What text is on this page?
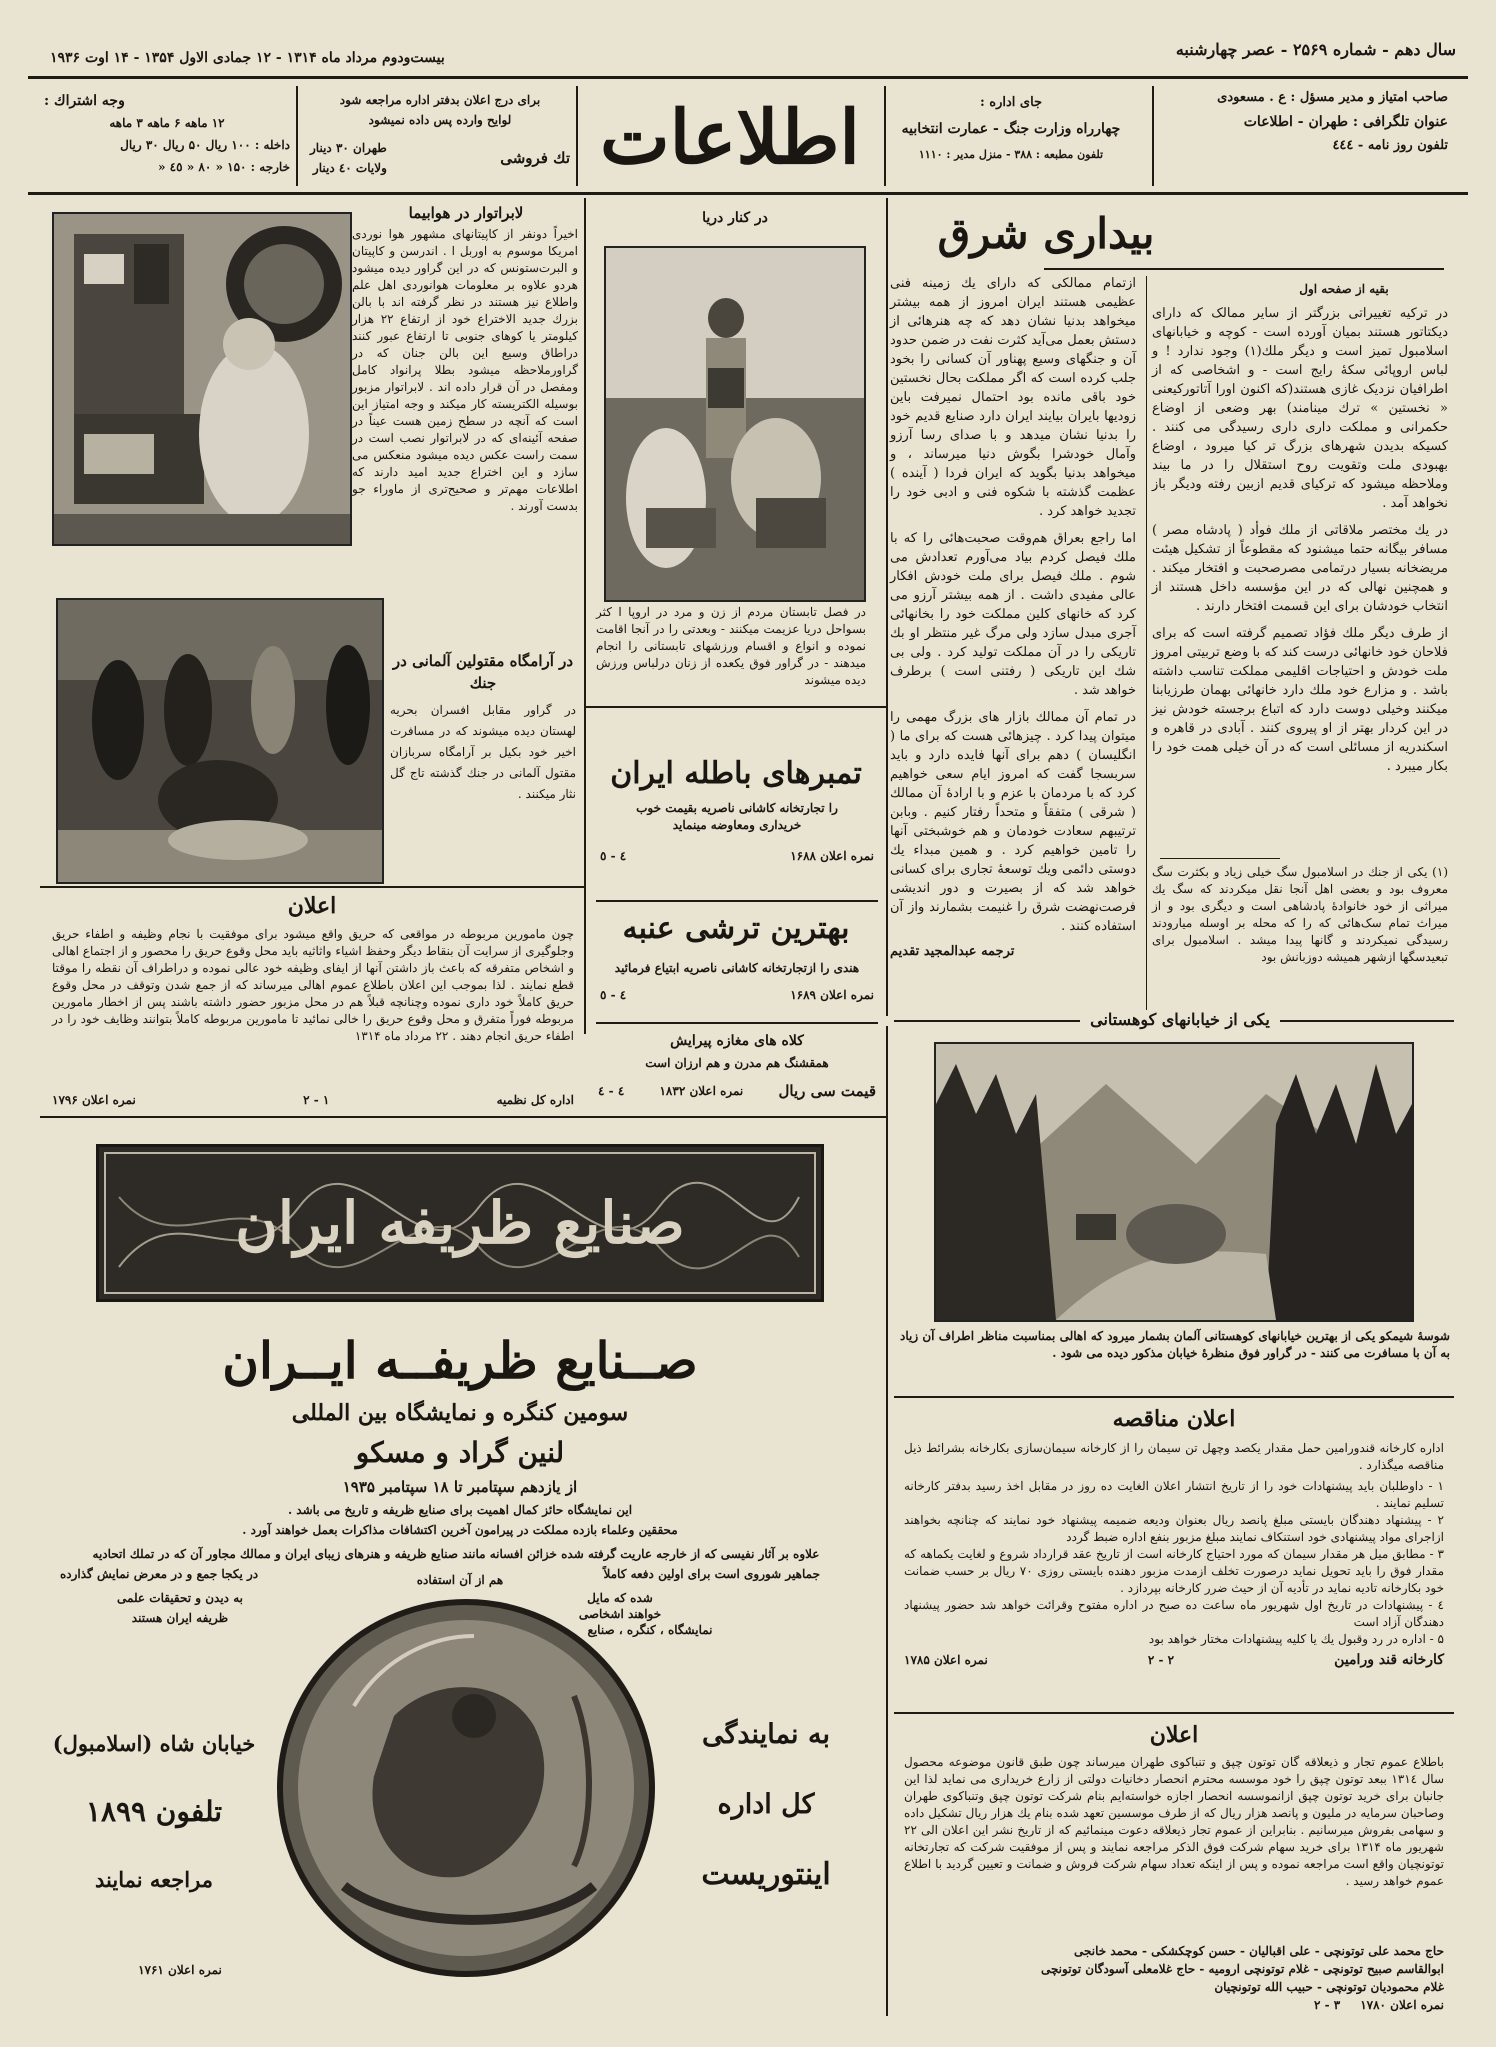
سال دهم - شماره ۲۵۶۹ - عصر چهارشنبه
بیست‌ودوم مرداد ماه ۱۳۱۴ - ۱۲ جمادی الاول ۱۳۵۴ - ۱۴ اوت ۱۹۳۶
صاحب امتیاز و مدیر مسؤل : ع . مسعودی
عنوان تلگرافی : طهران - اطلاعات
تلفون روز نامه - ٤٤٤
جای اداره :
چهارراه وزارت جنگ - عمارت انتخابیه
تلفون مطبعه : ۳۸۸ - منزل مدیر : ۱۱۱۰
اطلاعات
برای درج اعلان بدفتر اداره مراجعه شود
لوایح وارده پس داده نمیشود
تك فروشی
طهران ۳۰ دینار
ولایات ٤٠ دینار
وجه اشتراك :
۱۲ ماهه ۶ ماهه ۳ ماهه
داخله : ۱۰۰ ریال ۵۰ ریال ۳۰ ریال
خارجه : ۱۵۰ « ۸۰ « ٤٥ «
بیداری شرق
بقیه از صفحه اول

در ترکیه تغییراتی بزرگتر از سایر ممالک که دارای دیکتاتور هستند بمیان آورده است - کوچه و خیابانهای اسلامبول تمیز است و دیگر ملك(۱) وجود ندارد ! و لباس اروپائی سکهٔ رایج است - و اشخاصی که از اطرافیان نزدیک غازی هستند(که اکنون اورا آتاتورکیعنی « نخستین » ترك مینامند) بهر وضعی از اوضاع حکمرانی و مملکت داری داری رسیدگی می کنند . کسیکه بدیدن شهرهای بزرگ تر کیا میرود ، اوضاع بهبودی ملت وتقویت روح استقلال را در ما بیند وملاحظه میشود که ترکیای قدیم ازبین رفته ودیگر باز نخواهد آمد .

در یك مختصر ملاقاتی از ملك فوأد ( پادشاه مصر ) مسافر بیگانه حتما میشنود که مقطوعاً از تشکیل هیئت مریضخانه بسیار درتمامی مصرصحبت و افتخار میکند . و همچنین نهالی که در این مؤسسه داخل هستند از انتخاب خودشان برای این قسمت افتخار دارند .

از طرف دیگر ملك فؤاد تصمیم گرفته است که برای فلاحان خود خانهائی درست کند که با وضع تربیتی امروز ملت خودش و احتیاجات اقلیمی مملکت تناسب داشته باشد . و مزارع خود ملك دارد خانهائی بهمان طرزیابنا میکنند وخیلی دوست دارد که اتباع برجسته خودش نیز در این کردار بهتر از او پیروی کنند . آبادی در قاهره و اسکندریه از مسائلی است که در آن خیلی همت خود را بکار میبرد .

ازتمام ممالکی که دارای یك زمینه فنی عظیمی هستند ایران امروز از همه بیشتر میخواهد بدنیا نشان دهد که چه هنرهائی از دستش بعمل می‌آید کثرت نفت در ضمن حدود آن و جنگهای وسیع پهناور آن کسانی را بخود جلب کرده است که اگر مملکت بحال نخستین خود باقی مانده بود احتمال نمیرفت باین زودیها بایران بیایند ایران دارد صنایع قدیم خود را بدنیا نشان میدهد و با صدای رسا آرزو وآمال خودشرا بگوش دنیا میرساند ، و میخواهد بدنیا بگوید که ایران فردا ( آینده ) عظمت گذشته با شکوه فنی و ادبی خود را تجدید خواهد کرد .

اما راجع بعراق هم‌وقت صحبت‌هائی را که با ملك فیصل کردم بیاد می‌آورم تعدادش می شوم . ملك فیصل برای ملت خودش افکار عالی مفیدی داشت . از همه بیشتر آرزو می کرد که خانهای کلین مملکت خود را بخانهائی آجری مبدل سازد ولی مرگ غیر منتظر او بك تاریکی را در آن مملکت تولید کرد . ولی بی شك این تاریکی ( رفتنی است ) برطرف خواهد شد .

در تمام آن ممالك بازار های بزرگ مهمی را میتوان پیدا کرد . چیزهائی هست که برای ما ( انگلیسان ) دهم برای آنها فایده دارد و باید سربسجا گفت که امروز ایام سعی خواهیم کرد که با مردمان با عزم و با ارادهٔ آن ممالك ( شرقی ) متفقاً و متحداً رفتار کنیم . وبابن ترتیبهم سعادت خودمان و هم خوشبختی آنها را تامین خواهیم کرد . و همین مبداء یك دوستی دائمی ویك توسعهٔ تجاری برای کسانی خواهد شد که از بصیرت و دور اندیشی فرصت‌نهضت شرق را غنیمت بشمارند واز آن استفاده کنند .

ترجمه عبدالمجید تقدیم

(۱) یکی از جنك در اسلامبول سگ خیلی زیاد و بکثرت سگ معروف بود و بعضی اهل آنجا نقل میکردند که سگ یك میراثی از خود خانوادهٔ پادشاهی است و دیگری بود و از میراث تمام سک‌هائی که را که محله بر اوسله میارودند رسیدگی نمیکردند و گانها پیدا میشد . اسلامبول برای تبعیدسگها ازشهر همیشه دوزبانش بود

لابراتوار در هوابیما

اخیراً دونفر از کاپیتانهای مشهور هوا نوردی امریکا موسوم به اوربل ا . اندرسن و کاپیتان و البرت‌ستونس که در این گراور دیده میشود هردو علاوه بر معلومات هوانوردی اهل علم واطلاع نیز هستند در نظر گرفته اند با بالن بزرك جدید الاختراع خود از ارتفاع ۲۲ هزار کیلومتر یا کوهای جنوبی تا ارتفاع عبور کنند دراطاق وسیع این بالن جنان که در گراورملاحظه میشود بطلا پرانواد کامل ومفصل در آن قرار داده اند . لابراتوار مزبور بوسیله الکتریسته کار میکند و وجه امتیاز این است که آنچه در سطح زمین هست عیناً در صفحه آئینه‌ای که در لابراتوار نصب است در سمت راست عکس دیده میشود منعکس می سازد و این اختراع جدید امید دارند که اطلاعات مهم‌تر و صحیح‌تری از ماوراء جو بدست آورند .

در کنار دریا

در فصل تابستان مردم از زن و مرد در اروپا ا کثر بسواحل دریا عزیمت میکنند - وبعدتی را در آنجا اقامت نموده و انواع و اقسام ورزشهای تابستانی را انجام میدهند - در گراور فوق یکعده از زنان درلباس ورزش دیده میشوند

در آرامگاه مقتولین آلمانی در جنك

در گراور مقابل افسران بحریه لهستان دیده میشوند که در مسافرت اخیر خود بکیل بر آرامگاه سربازان مقتول آلمانی در جنك گذشته تاج گل نثار میکنند .

اعلان

چون مامورین مربوطه در مواقعی که حریق واقع میشود برای موفقیت با نجام وظیفه و اطفاء حریق وجلوگیری از سرایت آن بنقاط دیگر وحفظ اشیاء واثاثیه باید محل وقوع حریق را محصور و از اجتماع اهالی و اشخاص متفرقه که باعث باز داشتن آنها از ایفای وظیفه خود عالی نموده و دراطراف آن نقطه را موقتا قطع نمایند . لذا بموجب این اعلان باطلاع عموم اهالی میرساند که از جمع شدن وتوقف در محل وقوع حریق کاملاً خود داری نموده وچنانچه قبلاً هم در محل مزبور حضور داشته باشند پس از اخطار مامورین مربوطه فوراً متفرق و محل وقوع حریق را خالی نمائید تا مامورین مربوطه کاملاً بتوانند وظایف خود را در اطفاء حریق انجام دهند . ۲۲ مرداد ماه ۱۳۱۴

اداره کل نظمیه
۱ - ۲
نمره اعلان ۱۷۹۶
تمبرهای باطله ایران
را تجارتخانه کاشانی ناصریه بقیمت خوب
خریداری ومعاوضه مینماید
نمره اعلان ۱۶۸۸
٤ - ٥
بهترین ترشی عنبه
هندی را ازتجارتخانه کاشانی ناصریه ابتیاع فرمائید
نمره اعلان ۱۶۸۹
٤ - ٥
کلاه های مغازه پیرایش
همقشنگ هم مدرن و هم ارزان است
قیمت سی ریال
نمره اعلان ۱۸۳۲
٤ - ٤
یکی از خیابانهای کوهستانی

شوسهٔ شیمکو یکی از بهترین خیابانهای کوهستانی آلمان بشمار میرود که اهالی بمناسبت مناظر اطراف آن زیاد به آن با مسافرت می کنند - در گراور فوق منظرهٔ خیابان مذکور دیده می شود .

اعلان مناقصه

اداره کارخانه قندورامین حمل مقدار یکصد وچهل تن سیمان را از کارخانه سیمان‌سازی بکارخانه بشرائط ذیل مناقصه میگذارد .

۱ - داوطلبان باید پیشنهادات خود را از تاریخ انتشار اعلان الغایت ده روز در مقابل اخذ رسید بدفتر کارخانه تسلیم نمایند .

۲ - پیشنهاد دهندگان بایستی مبلغ پانصد ریال بعنوان ودیعه ضمیمه پیشنهاد خود نمایند که چنانچه بخواهند ازاجرای مواد پیشنهادی خود استنکاف نمایند مبلغ مزبور بنفع اداره ضبط گردد

۳ - مطابق میل هر مقدار سیمان که مورد احتیاج کارخانه است از تاریخ عقد قرارداد شروع و لغایت یکماهه که مقدار فوق را باید تحویل نماید درصورت تخلف ازمدت مزبور دهنده بایستی روزی ۷۰ ریال بر حسب ضمانت خود بکارخانه تادیه نماید در تأدیه آن از حیث ضرر کارخانه بپردازد .

٤ - پیشنهادات در تاریخ اول شهریور ماه ساعت ده صبح در اداره مفتوح وقرائت خواهد شد حضور پیشنهاد دهندگان آزاد است

۵ - اداره در رد وقبول یك یا کلیه پیشنهادات مختار خواهد بود

کارخانه قند ورامین
۲ - ۲
نمره اعلان ۱۷۸۵
اعلان

باطلاع عموم تجار و ذیعلاقه گان توتون چپق و تنباکوی طهران میرساند چون طبق قانون موضوعه محصول سال ۱۳۱٤ ببعد توتون چپق را خود موسسه محترم انحصار دخانیات دولتی از زارع خریداری می نماید لذا این جانبان برای خرید توتون چپق ازانموسسه انحصار اجازه خواسته‌ایم بنام شرکت توتون چپق وتنباکوی طهران وصاحبان سرمایه در ملیون و پانصد هزار ریال که از طرف موسسین تعهد شده بنام یك هزار ریال تشکیل داده و سهامی بفروش میرسانیم . بنابراین از عموم تجار ذیعلاقه دعوت مینمائیم که از تاریخ نشر این اعلان الی ۲۲ شهریور ماه ۱۳۱۴ برای خرید سهام شرکت فوق الذکر مراجعه نمایند و پس از موفقیت شرکت که تجارتخانه توتونچیان واقع است مراجعه نموده و پس از اینکه تعداد سهام شرکت فروش و ضمانت و تعیین گردید با اطلاع عموم خواهد رسید .

حاج محمد علی توتونچی - علی اقبالیان - حسن کوچکشکی - محمد خانجی
ابوالقاسم صبیح توتونچی - غلام توتونچی ارومیه - حاج غلامعلی آسودگان توتونچی
غلام محمودیان توتونچی - حبیب الله توتونچیان
نمره اعلان ۱۷۸۰
۳ - ۲
صنایع ظریفه ایران
صــنایع ظریفــه ایــران
سومین کنگره و نمایشگاه بین المللی
لنین گراد و مسکو
از یازدهم سپتامبر تا ۱۸ سپتامبر ۱۹۳۵
این نمایشگاه حائز کمال اهمیت برای صنایع ظریفه و تاریخ می باشد .
محققین وعلماء بازده مملکت در پیرامون آخرین اکتشافات مذاکرات بعمل خواهند آورد .
علاوه بر آثار نفیسی که از خارجه عاریت گرفته شده خزائن افسانه مانند صنایع ظریفه و هنرهای زیبای ایران و ممالك مجاور آن که در تملك اتحادیه
جماهیر شوروی است برای اولین دفعه کاملاً
در یکجا جمع و در معرض نمایش گذارده
شده که مایل
خواهند اشخاصی
به دیدن و تحقیقات علمی
نمایشگاه ، کنگره ، صنایع
ظریفه ایران هستند
هم از آن استفاده
به نمایندگی
کل اداره
اینتوریست
خیابان شاه (اسلامبول)
تلفون ۱۸۹۹
مراجعه نمایند
نمره اعلان ۱۷۶۱
